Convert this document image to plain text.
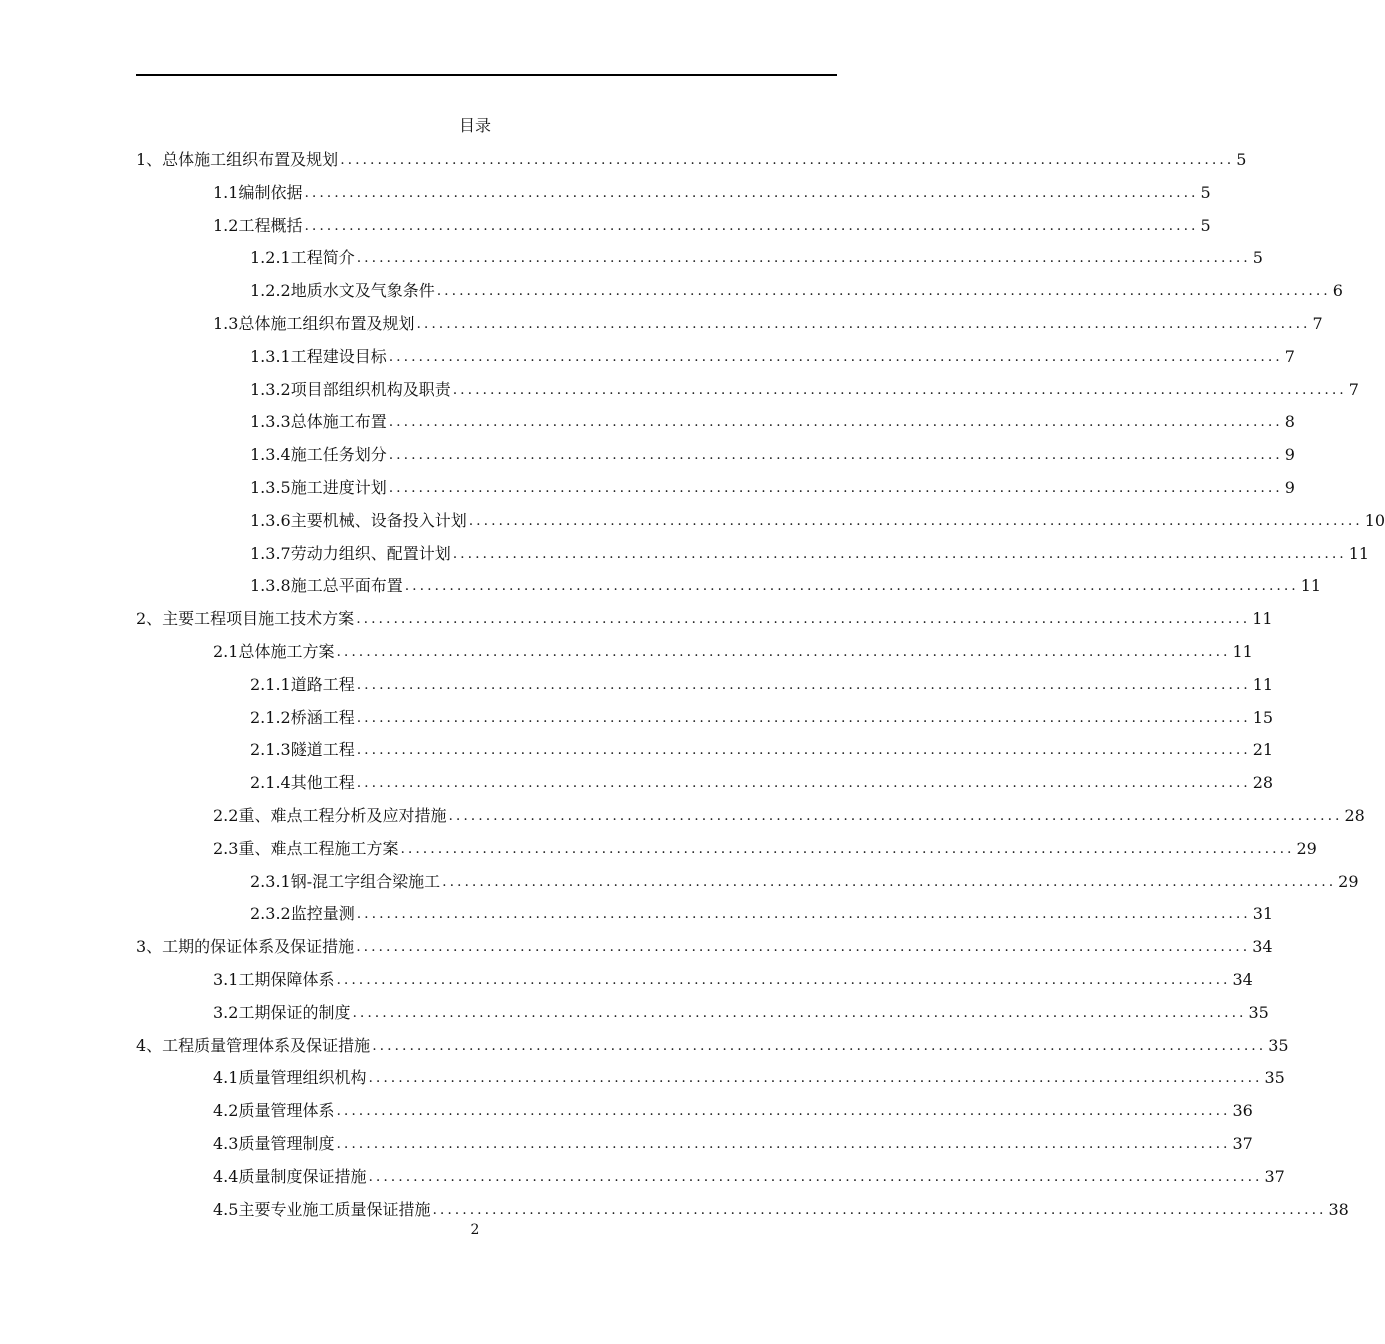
目录
1、总体施工组织布置及规划 ........................................................................................................................ 5
1.1编制依据 ........................................................................................................................ 5
1.2工程概括 ........................................................................................................................ 5
1.2.1工程简介 ........................................................................................................................ 5
1.2.2地质水文及气象条件 ........................................................................................................................ 6
1.3总体施工组织布置及规划 ........................................................................................................................ 7
1.3.1工程建设目标 ........................................................................................................................ 7
1.3.2项目部组织机构及职责 ........................................................................................................................ 7
1.3.3总体施工布置 ........................................................................................................................ 8
1.3.4施工任务划分 ........................................................................................................................ 9
1.3.5施工进度计划 ........................................................................................................................ 9
1.3.6主要机械、设备投入计划 ........................................................................................................................ 10
1.3.7劳动力组织、配置计划 ........................................................................................................................ 11
1.3.8施工总平面布置 ........................................................................................................................ 11
2、主要工程项目施工技术方案 ........................................................................................................................ 11
2.1总体施工方案 ........................................................................................................................ 11
2.1.1道路工程 ........................................................................................................................ 11
2.1.2桥涵工程 ........................................................................................................................ 15
2.1.3隧道工程 ........................................................................................................................ 21
2.1.4其他工程 ........................................................................................................................ 28
2.2重、难点工程分析及应对措施 ........................................................................................................................ 28
2.3重、难点工程施工方案 ........................................................................................................................ 29
2.3.1钢-混工字组合梁施工 ........................................................................................................................ 29
2.3.2监控量测 ........................................................................................................................ 31
3、工期的保证体系及保证措施 ........................................................................................................................ 34
3.1工期保障体系 ........................................................................................................................ 34
3.2工期保证的制度 ........................................................................................................................ 35
4、工程质量管理体系及保证措施 ........................................................................................................................ 35
4.1质量管理组织机构 ........................................................................................................................ 35
4.2质量管理体系 ........................................................................................................................ 36
4.3质量管理制度 ........................................................................................................................ 37
4.4质量制度保证措施 ........................................................................................................................ 37
4.5主要专业施工质量保证措施 ........................................................................................................................ 38
2
